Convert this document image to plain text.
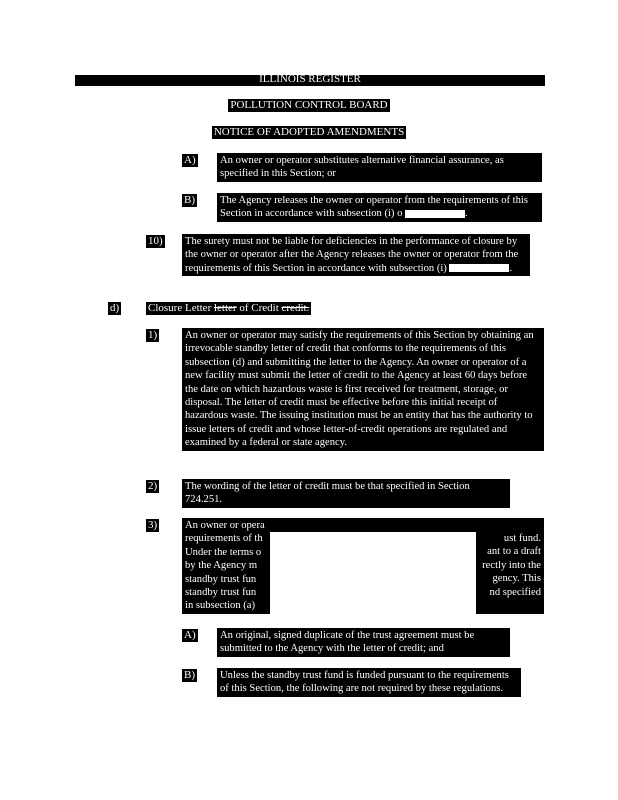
ILLINOIS REGISTER
POLLUTION CONTROL BOARD
NOTICE OF ADOPTED AMENDMENTS
A) An owner or operator substitutes alternative financial assurance, as specified in this Section; or
B) The Agency releases the owner or operator from the requirements of this Section in accordance with subsection (i) o	.
10) The surety must not be liable for deficiencies in the performance of closure by the owner or operator after the Agency releases the owner or operator from the requirements of this Section in accordance with subsection (i)	.
d)	Closure Letter letter of Credit credit.
1)	An owner or operator may satisfy the requirements of this Section by obtaining an irrevocable standby letter of credit that conforms to the requirements of this subsection (d) and submitting the letter to the Agency. An owner or operator of a new facility must submit the letter of credit to the Agency at least 60 days before the date on which hazardous waste is first received for treatment, storage, or disposal. The letter of credit must be effective before this initial receipt of hazardous waste. The issuing institution must be an entity that has the authority to issue letters of credit and whose letter-of-credit operations are regulated and examined by a federal or state agency.
2)	The wording of the letter of credit must be that specified in Section 724.251.
3)	An owner or opera
requirements of th
Under the terms o
by the Agency m
standby trust fun
standby trust fun
in subsection (a)
ust fund.
ant to a draft
rectly into the
gency. This
nd specified
A) An original, signed duplicate of the trust agreement must be submitted to the Agency with the letter of credit; and
B) Unless the standby trust fund is funded pursuant to the requirements of this Section, the following are not required by these regulations.
